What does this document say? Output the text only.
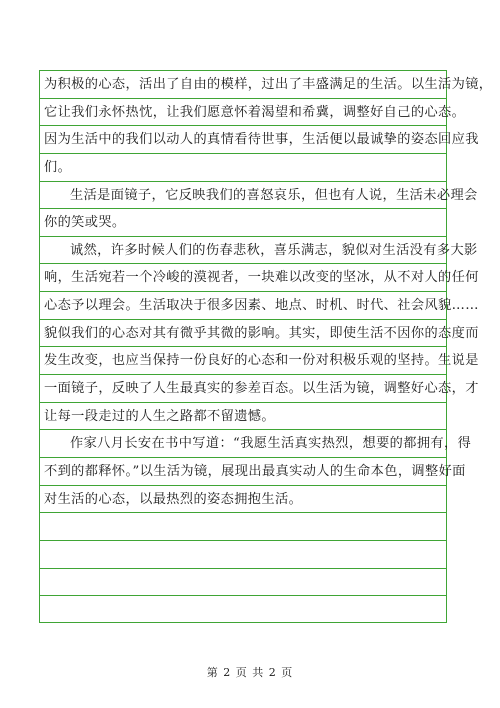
为积极的心态，活出了自由的模样，过出了丰盛满足的生活。以生活为镜，
它让我们永怀热忱，让我们愿意怀着渴望和希冀，调整好自己的心态。
因为生活中的我们以动人的真情看待世事，生活便以最诚挚的姿态回应我
们。
生活是面镜子，它反映我们的喜怒哀乐，但也有人说，生活未必理会
你的笑或哭。
诚然，许多时候人们的伤春悲秋，喜乐满志，貌似对生活没有多大影
响，生活宛若一个冷峻的漠视者，一块难以改变的坚冰，从不对人的任何
心态予以理会。生活取决于很多因素、地点、时机、时代、社会风貌……
貌似我们的心态对其有微乎其微的影响。其实，即使生活不因你的态度而
发生改变，也应当保持一份良好的心态和一份对积极乐观的坚持。生说是
一面镜子，反映了人生最真实的参差百态。以生活为镜，调整好心态，才
让每一段走过的人生之路都不留遗憾。
作家八月长安在书中写道：“我愿生活真实热烈，想要的都拥有，得
不到的都释怀。”以生活为镜，展现出最真实动人的生命本色，调整好面
对生活的心态，以最热烈的姿态拥抱生活。
第 2 页 共 2 页
